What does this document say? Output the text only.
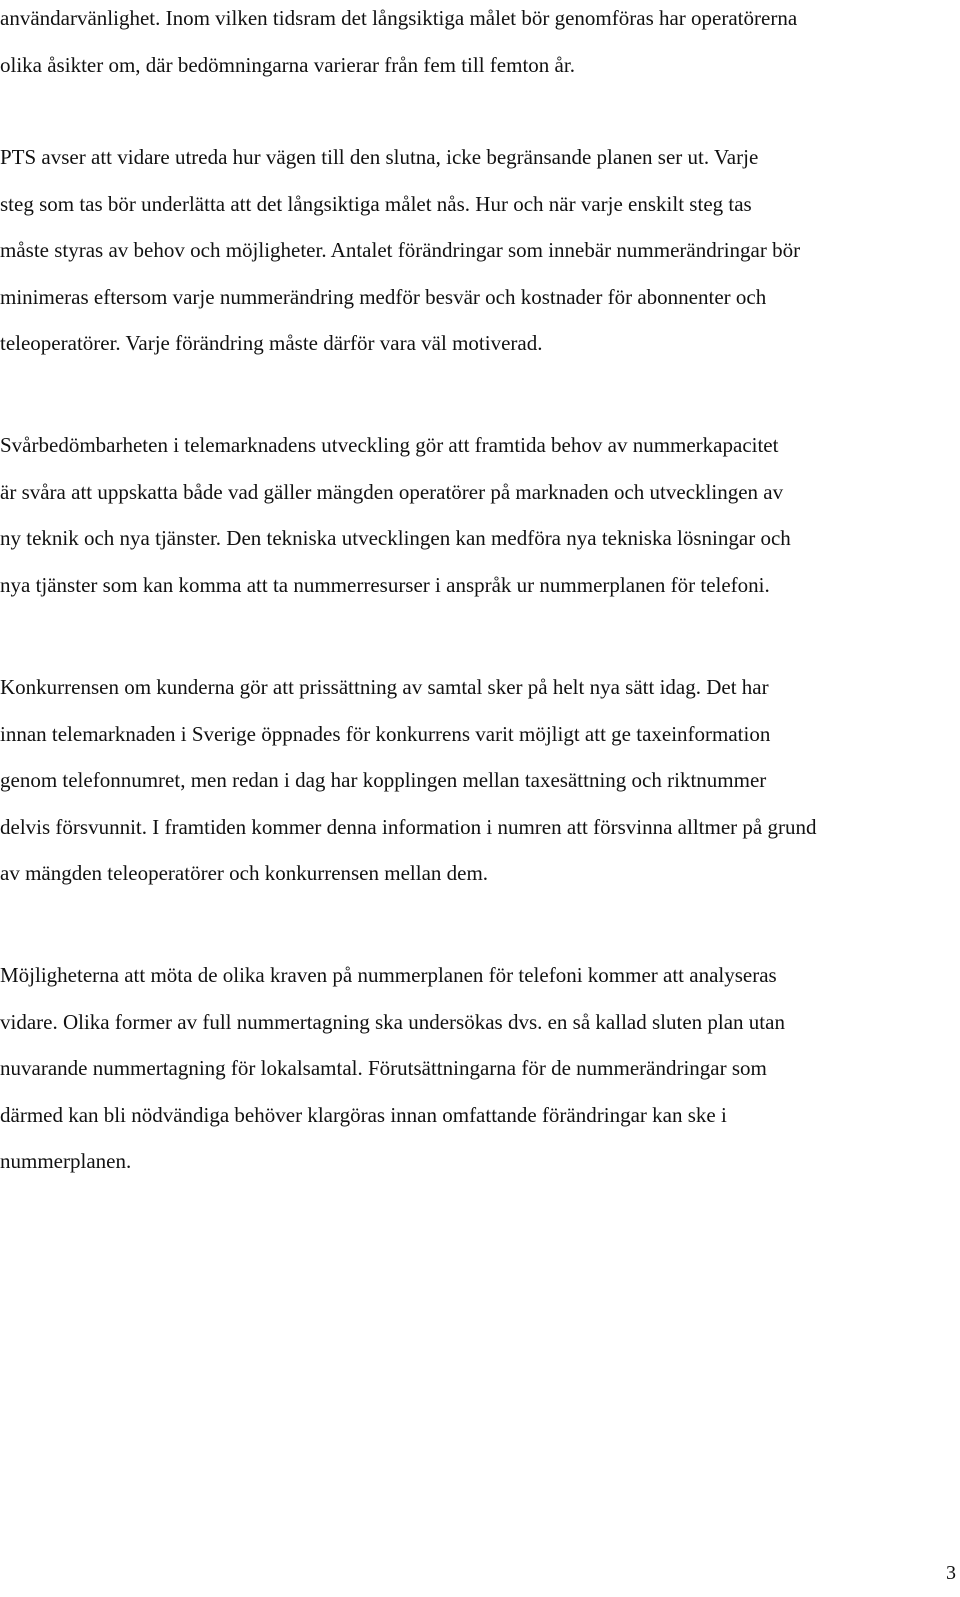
användarvänlighet. Inom vilken tidsram det långsiktiga målet bör genomföras har operatörerna
olika åsikter om, där bedömningarna varierar från fem till femton år.

PTS avser att vidare utreda hur vägen till den slutna, icke begränsande planen ser ut. Varje
steg som tas bör underlätta att det långsiktiga målet nås. Hur och när varje enskilt steg tas
måste styras av behov och möjligheter. Antalet förändringar som innebär nummerändringar bör
minimeras eftersom varje nummerändring medför besvär och kostnader för abonnenter och
teleoperatörer. Varje förändring måste därför vara väl motiverad.

Svårbedömbarheten i telemarknadens utveckling gör att framtida behov av nummerkapacitet
är svåra att uppskatta både vad gäller mängden operatörer på marknaden och utvecklingen av
ny teknik och nya tjänster. Den tekniska utvecklingen kan medföra nya tekniska lösningar och
nya tjänster som kan komma att ta nummerresurser i anspråk ur nummerplanen för telefoni.

Konkurrensen om kunderna gör att prissättning av samtal sker på helt nya sätt idag. Det har
innan telemarknaden i Sverige öppnades för konkurrens varit möjligt att ge taxeinformation
genom telefonnumret, men redan i dag har kopplingen mellan taxesättning och riktnummer
delvis försvunnit. I framtiden kommer denna information i numren att försvinna alltmer på grund
av mängden teleoperatörer och konkurrensen mellan dem.

Möjligheterna att möta de olika kraven på nummerplanen för telefoni kommer att analyseras
vidare. Olika former av full nummertagning ska undersökas dvs. en så kallad sluten plan utan
nuvarande nummertagning för lokalsamtal. Förutsättningarna för de nummerändringar som
därmed kan bli nödvändiga behöver klargöras innan omfattande förändringar kan ske i
nummerplanen.

3
